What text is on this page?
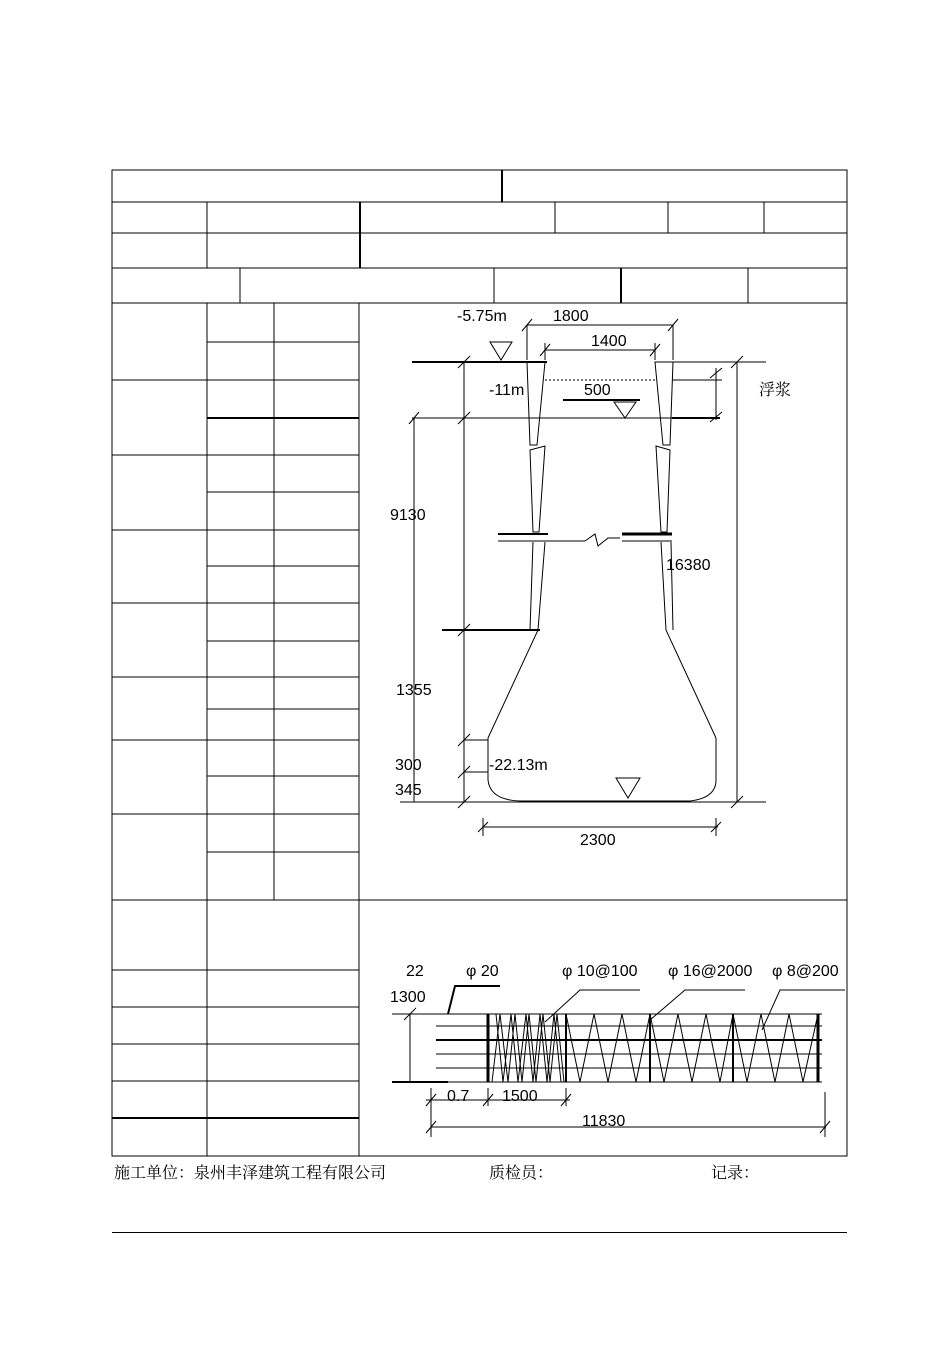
-5.75m	1800
1400
-11m	500	浮浆
9130
16380
1355
300	-22.13m
345
2300
22	φ 20	φ 10@100 φ 16@2000 φ 8@200
1300
0.7 1500
11830
施工单位：泉州丰泽建筑工程有限公司	质检员：	记录：
